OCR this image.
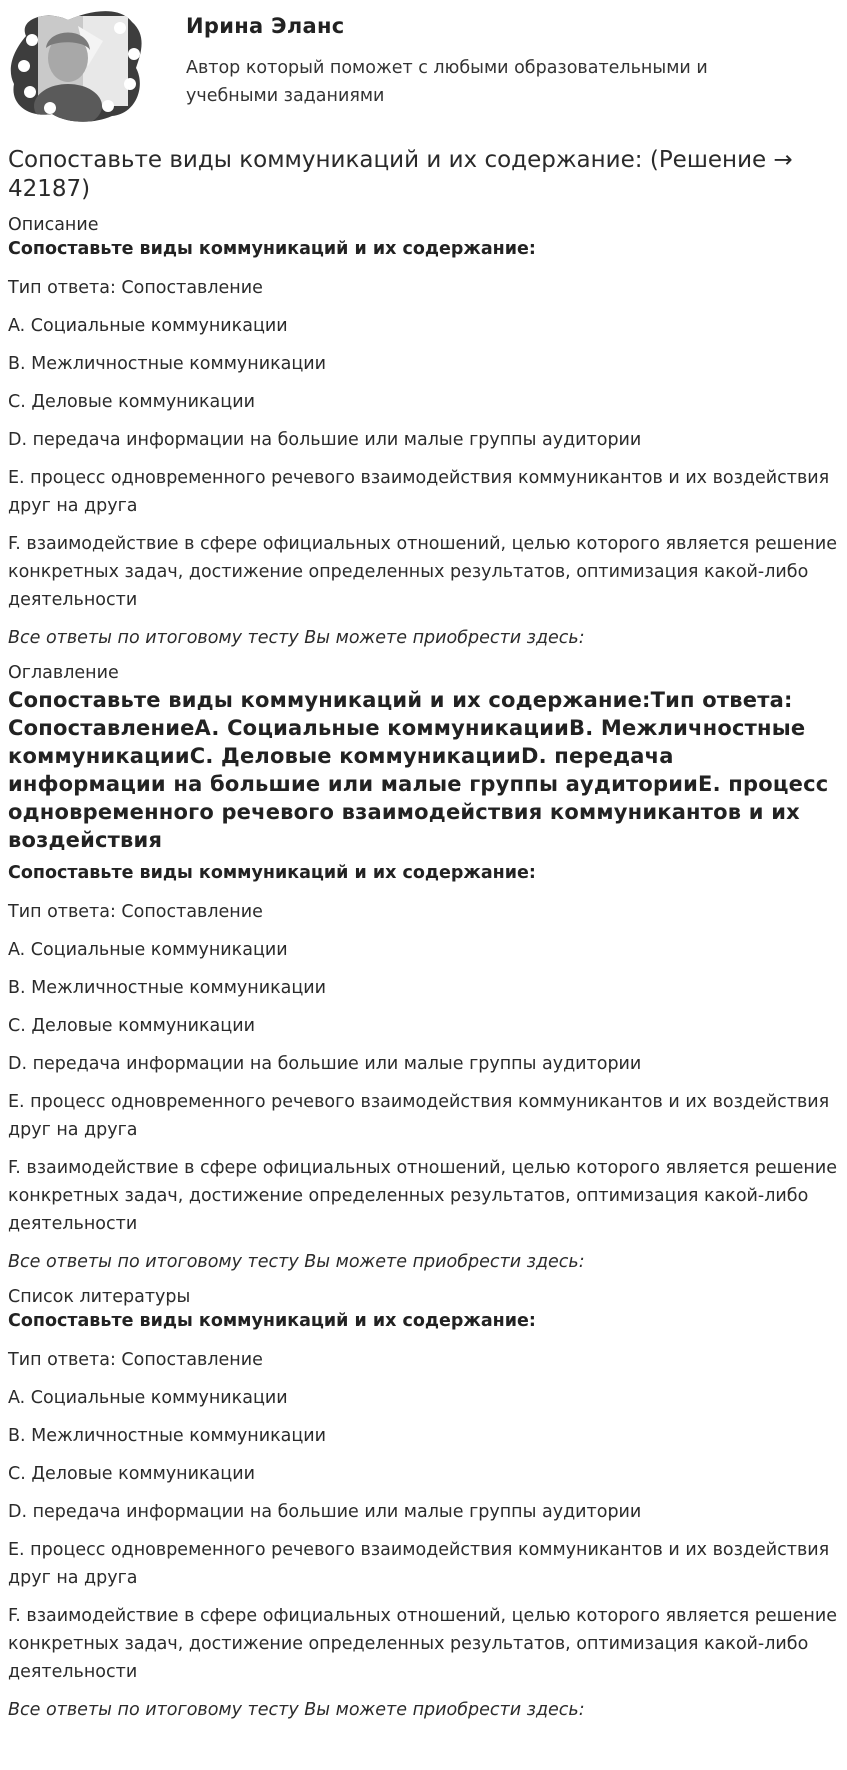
Ирина Эланс
Автор который поможет с любыми образовательными и учебными заданиями
Сопоставьте виды коммуникаций и их содержание: (Решение → 42187)
Описание
Сопоставьте виды коммуникаций и их содержание:
Тип ответа: Сопоставление
A. Социальные коммуникации
B. Межличностные коммуникации
C. Деловые коммуникации
D. передача информации на большие или малые группы аудитории
E. процесс одновременного речевого взаимодействия коммуникантов и их воздействия друг на друга
F. взаимодействие в сфере официальных отношений, целью которого является решение конкретных задач, достижение определенных результатов, оптимизация какой-либо деятельности
Все ответы по итоговому тесту Вы можете приобрести здесь:
Оглавление
Сопоставьте виды коммуникаций и их содержание:Тип ответа: СопоставлениеA. Социальные коммуникацииB. Межличностные коммуникацииC. Деловые коммуникацииD. передача информации на большие или малые группы аудиторииE. процесс одновременного речевого взаимодействия коммуникантов и их воздействия
Сопоставьте виды коммуникаций и их содержание:
Тип ответа: Сопоставление
A. Социальные коммуникации
B. Межличностные коммуникации
C. Деловые коммуникации
D. передача информации на большие или малые группы аудитории
E. процесс одновременного речевого взаимодействия коммуникантов и их воздействия друг на друга
F. взаимодействие в сфере официальных отношений, целью которого является решение конкретных задач, достижение определенных результатов, оптимизация какой-либо деятельности
Все ответы по итоговому тесту Вы можете приобрести здесь:
Список литературы
Сопоставьте виды коммуникаций и их содержание:
Тип ответа: Сопоставление
A. Социальные коммуникации
B. Межличностные коммуникации
C. Деловые коммуникации
D. передача информации на большие или малые группы аудитории
E. процесс одновременного речевого взаимодействия коммуникантов и их воздействия друг на друга
F. взаимодействие в сфере официальных отношений, целью которого является решение конкретных задач, достижение определенных результатов, оптимизация какой-либо деятельности
Все ответы по итоговому тесту Вы можете приобрести здесь:
